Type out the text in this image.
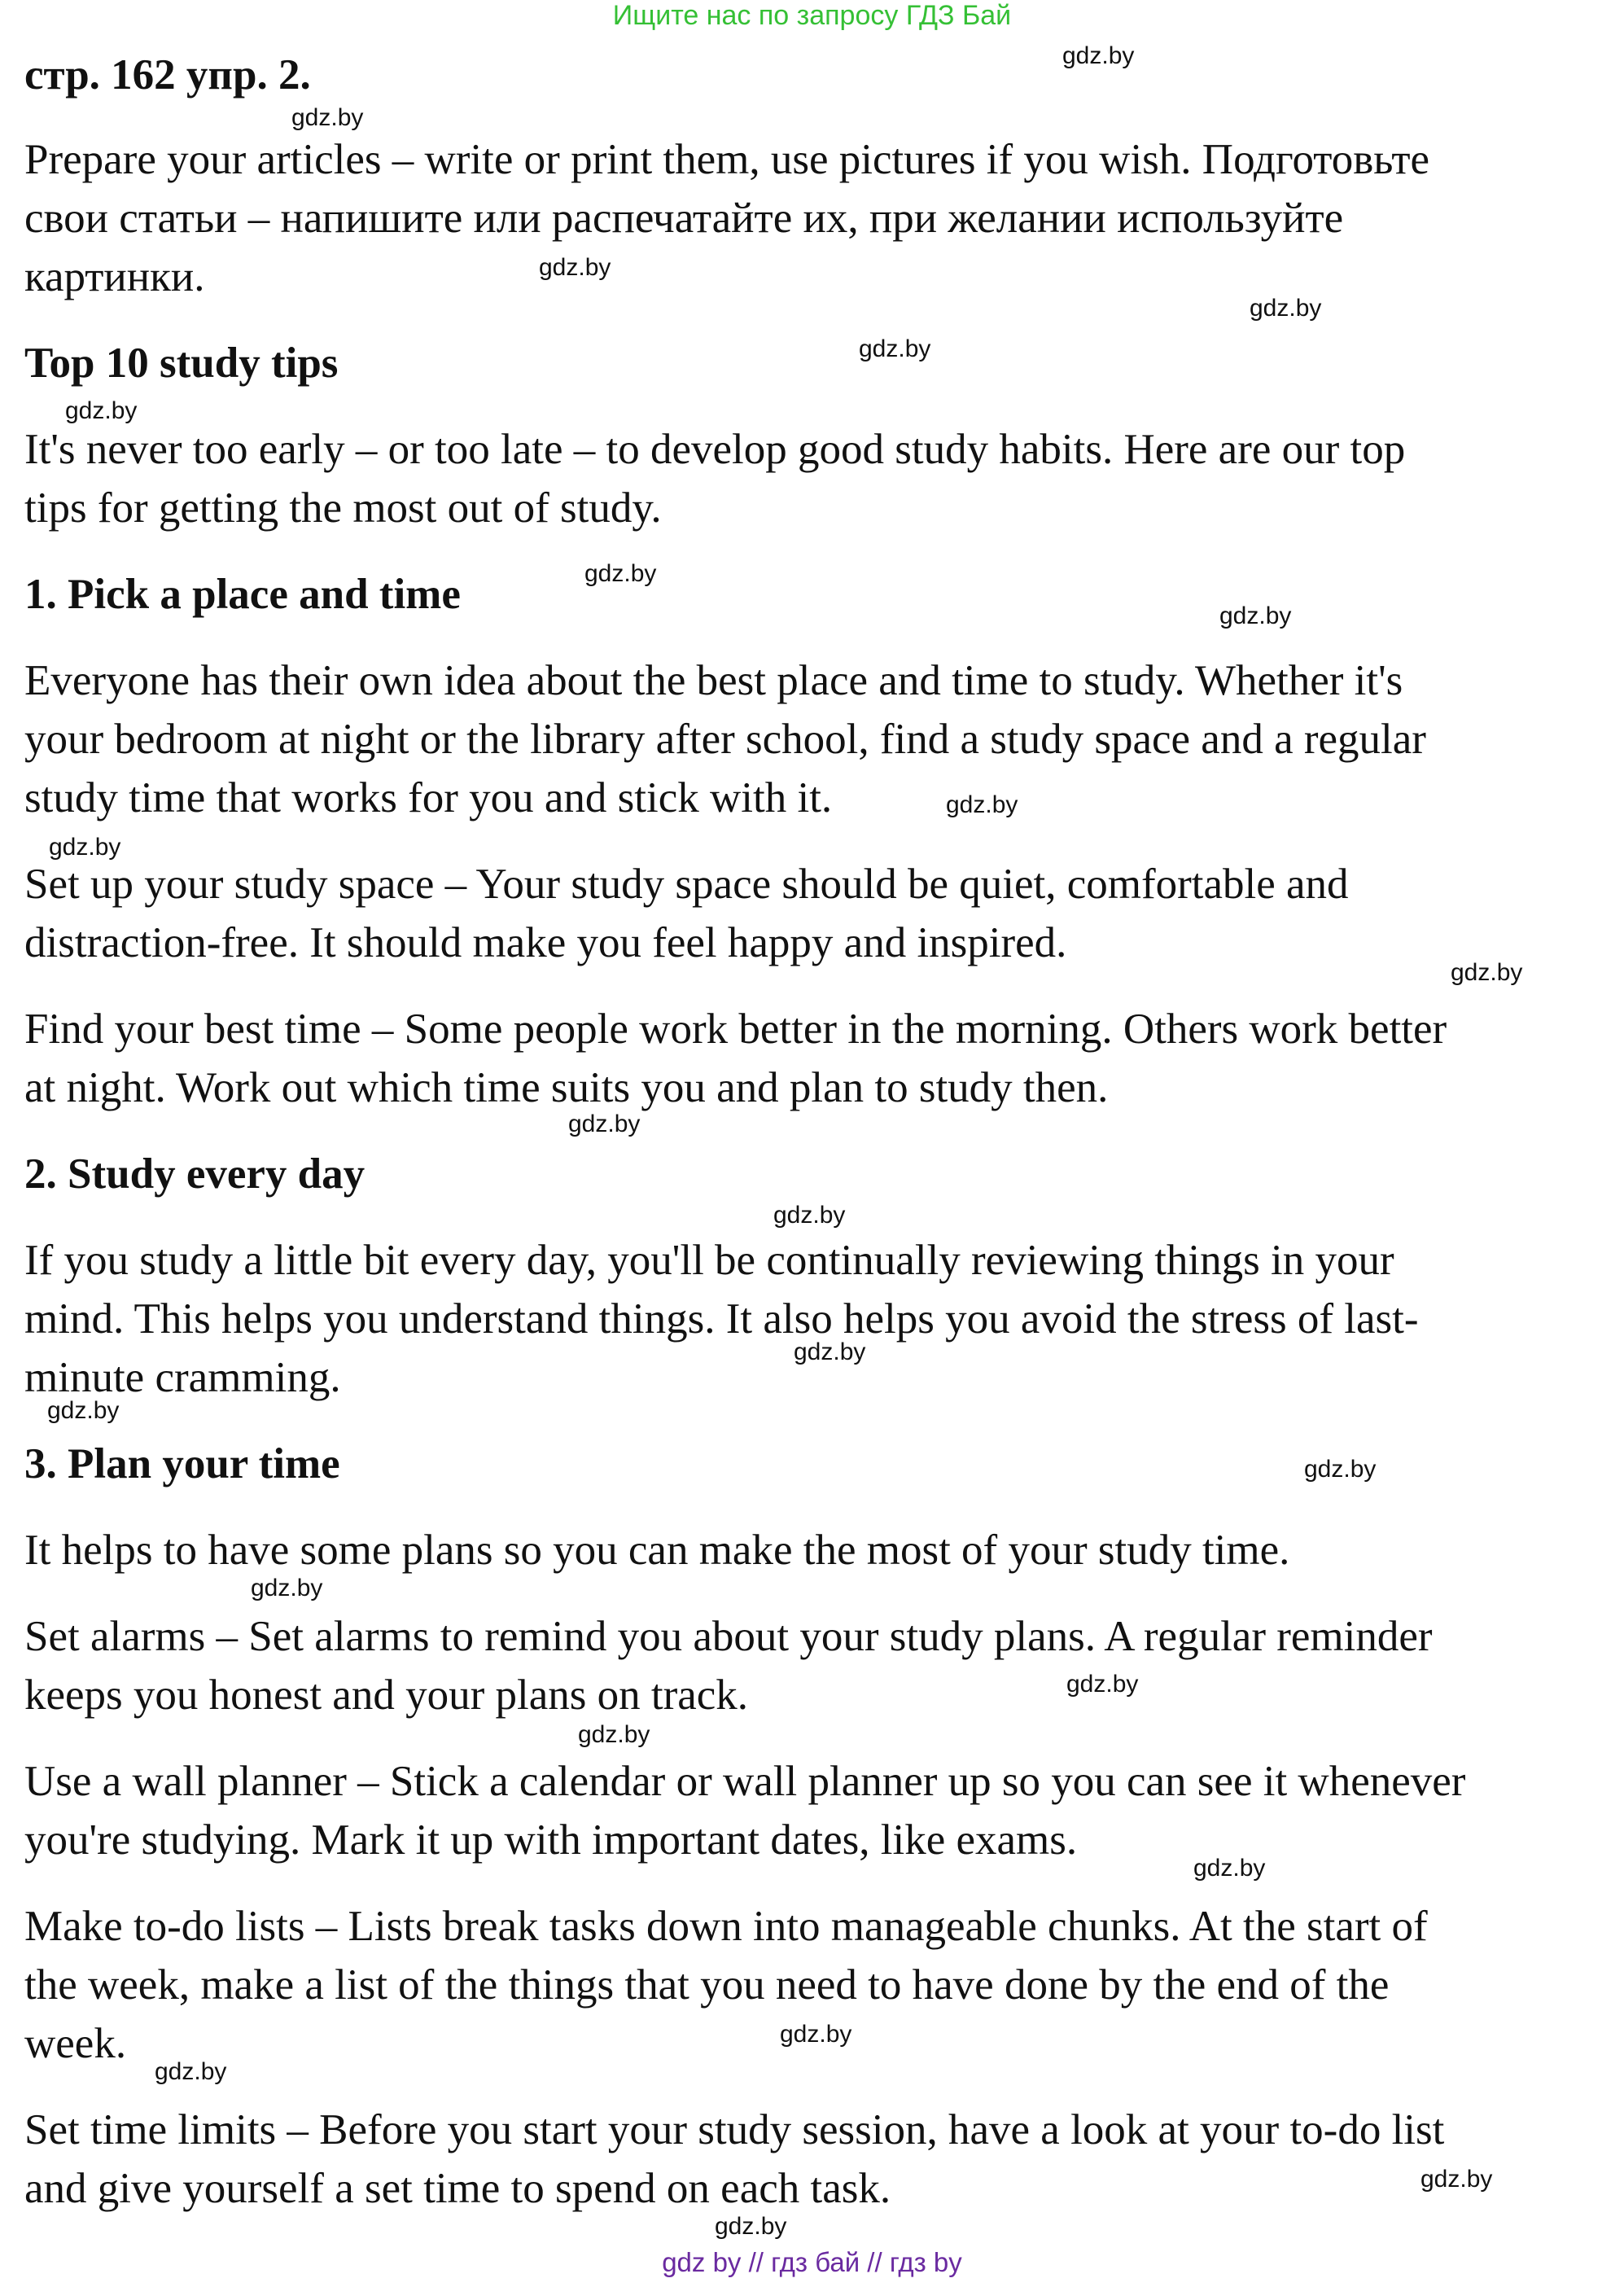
Ищите нас по запросу ГДЗ Бай
стр. 162 упр. 2.
Prepare your articles – write or print them, use pictures if you wish. Подготовьте
свои статьи – напишите или распечатайте их, при желании используйте
картинки.
Top 10 study tips
It's never too early – or too late – to develop good study habits. Here are our top
tips for getting the most out of study.
1. Pick a place and time
Everyone has their own idea about the best place and time to study. Whether it's
your bedroom at night or the library after school, find a study space and a regular
study time that works for you and stick with it.
Set up your study space – Your study space should be quiet, comfortable and
distraction-free. It should make you feel happy and inspired.
Find your best time – Some people work better in the morning. Others work better
at night. Work out which time suits you and plan to study then.
2. Study every day
If you study a little bit every day, you'll be continually reviewing things in your
mind. This helps you understand things. It also helps you avoid the stress of last-
minute cramming.
3. Plan your time
It helps to have some plans so you can make the most of your study time.
Set alarms – Set alarms to remind you about your study plans. A regular reminder
keeps you honest and your plans on track.
Use a wall planner – Stick a calendar or wall planner up so you can see it whenever
you're studying. Mark it up with important dates, like exams.
Make to-do lists – Lists break tasks down into manageable chunks. At the start of
the week, make a list of the things that you need to have done by the end of the
week.
Set time limits – Before you start your study session, have a look at your to-do list
and give yourself a set time to spend on each task.
gdz.by
gdz.by
gdz.by
gdz.by
gdz.by
gdz.by
gdz.by
gdz.by
gdz.by
gdz.by
gdz.by
gdz.by
gdz.by
gdz.by
gdz.by
gdz.by
gdz.by
gdz.by
gdz.by
gdz.by
gdz.by
gdz.by
gdz.by
gdz.by
gdz by // гдз бай // гдз by
